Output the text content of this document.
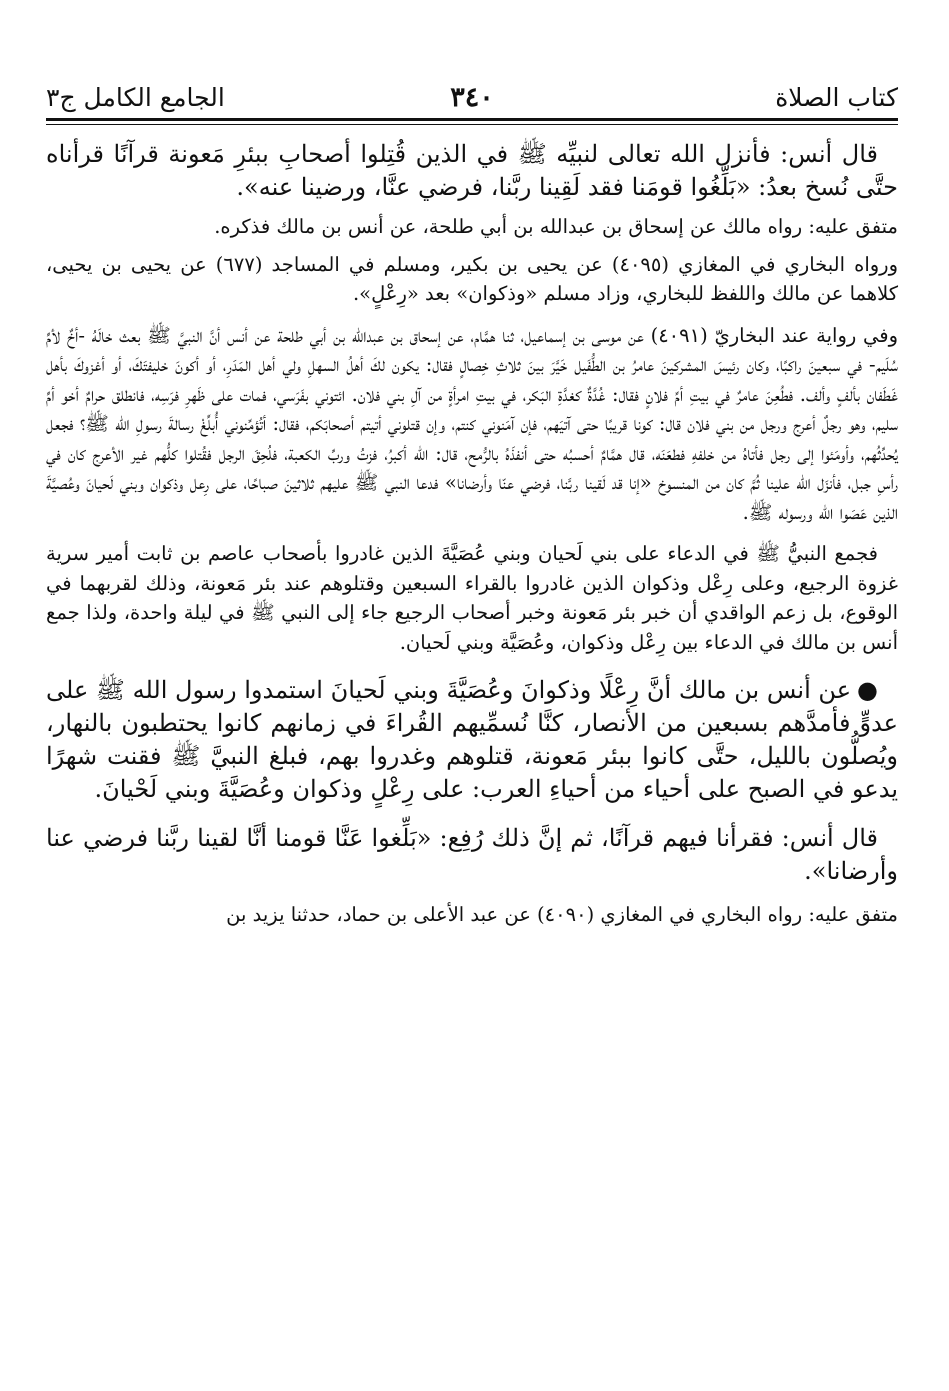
كتاب الصلاة
٣٤٠
الجامع الكامل ج٣

قال أنس: فأنزل الله تعالى لنبيِّه ﷺ في الذين قُتِلوا أصحابِ ببئرِ مَعونة قرآنًا قرأناه حتَّى نُسخ بعدُ: «بَلِّغُوا قومَنا فقد لَقِينا ربَّنا، فرضي عنَّا، ورضينا عنه».

متفق عليه: رواه مالك عن إسحاق بن عبدالله بن أبي طلحة، عن أنس بن مالك فذكره.

ورواه البخاري في المغازي (٤٠٩٥) عن يحيى بن بكير، ومسلم في المساجد (٦٧٧) عن يحيى بن يحيى، كلاهما عن مالك واللفظ للبخاري، وزاد مسلم «وذكوان» بعد «رِعْلٍ».

وفي رواية عند البخاريّ (٤٠٩١) عن موسى بن إسماعيل، ثنا همَّام، عن إسحاق بن عبدالله بن أبي طلحة عن أنس أنَّ النبيَّ ﷺ بعث خالَهُ -أخٌ لأمِّ سُلَيم- في سبعينَ راكبًا، وكان رئيسَ المشركينَ عامرُ بن الطُّفَيل خَيَّرَ بينَ ثلاثِ خِصالٍ فقال: يكون لكَ أهلُ السهلِ ولي أهل المَدَرِ، أو أكونَ خليفتَكَ، أو أغزوكَ بأهل غَطَفان بألفٍ وألف. فطُعِنَ عامرٌ في بيتِ أمِّ فلانٍ فقال: غُدَّةٌ كغدَّةِ البَكر، في بيتِ امرأةٍ من آلِ بني فلان. ائتوني بفَرَسي، فمات على ظَهرِ فرَسِه، فانطلق حرامٌ أخو أمِّ سليم، وهو رجلٌ أعرج ورجل من بني فلان قال: كونا قريبًا حتى آتيَهم، فإن آمَنوني كنتم، وإن قتلوني أتيتم أصحابَكم، فقال: أتُؤمِّنوني أُبلِّغْ رسالةَ رسولِ الله ﷺ؟ فجعل يُحدِّثُهم، وأومَئوا إلى رجل فأتاهُ من خلفهِ فطعَنَه، قال همَّامٌ أحسبُه حتى أنفذَهُ بالرُّمح، قال: الله أكبرُ، فزتُ وربِّ الكعبة، فلُحِقَ الرجل فقُتلوا كلُّهم غير الأعرج كان في رأسِ جبل، فأنزَل الله علينا ثُمَّ كان من المنسوخ «إنا قد لَقينا ربَّنا، فرضي عنّا وأرضانا» فدعا النبي ﷺ عليهم ثلاثينَ صباحًا، على رِعل وذكوان وبني لَحيانَ وعُصيَّةَ الذين عَصَوا الله ورسوله ﷺ.

فجمع النبيُّ ﷺ في الدعاء على بني لَحيان وبني عُصَيَّةَ الذين غادروا بأصحاب عاصم بن ثابت أمير سرية غزوة الرجيع، وعلى رِعْل وذكوان الذين غادروا بالقراء السبعين وقتلوهم عند بئر مَعونة، وذلك لقربهما في الوقوع، بل زعم الواقدي أن خبر بئر مَعونة وخبر أصحاب الرجيع جاء إلى النبي ﷺ في ليلة واحدة، ولذا جمع أنس بن مالك في الدعاء بين رِعْل وذكوان، وعُصَيَّة وبني لَحيان.

●عن أنس بن مالك أنَّ رِعْلًا وذكوانَ وعُصَيَّةَ وبني لَحيانَ استمدوا رسول الله ﷺ على عدوٍّ فأمدَّهم بسبعين من الأنصار، كنَّا نُسمِّيهم القُراءَ في زمانهم كانوا يحتطبون بالنهار، ويُصلُّون بالليل، حتَّى كانوا ببئر مَعونة، قتلوهم وغدروا بهم، فبلغ النبيَّ ﷺ فقنت شهرًا يدعو في الصبح على أحياء من أحياءِ العرب: على رِعْلٍ وذكوان وعُصَيَّةَ وبني لَحْيانَ.

قال أنس: فقرأنا فيهم قرآنًا، ثم إنَّ ذلك رُفِع: «بَلِّغوا عَنَّا قومنا أنَّا لقينا ربَّنا فرضي عنا وأرضانا».

متفق عليه: رواه البخاري في المغازي (٤٠٩٠) عن عبد الأعلى بن حماد، حدثنا يزيد بن
